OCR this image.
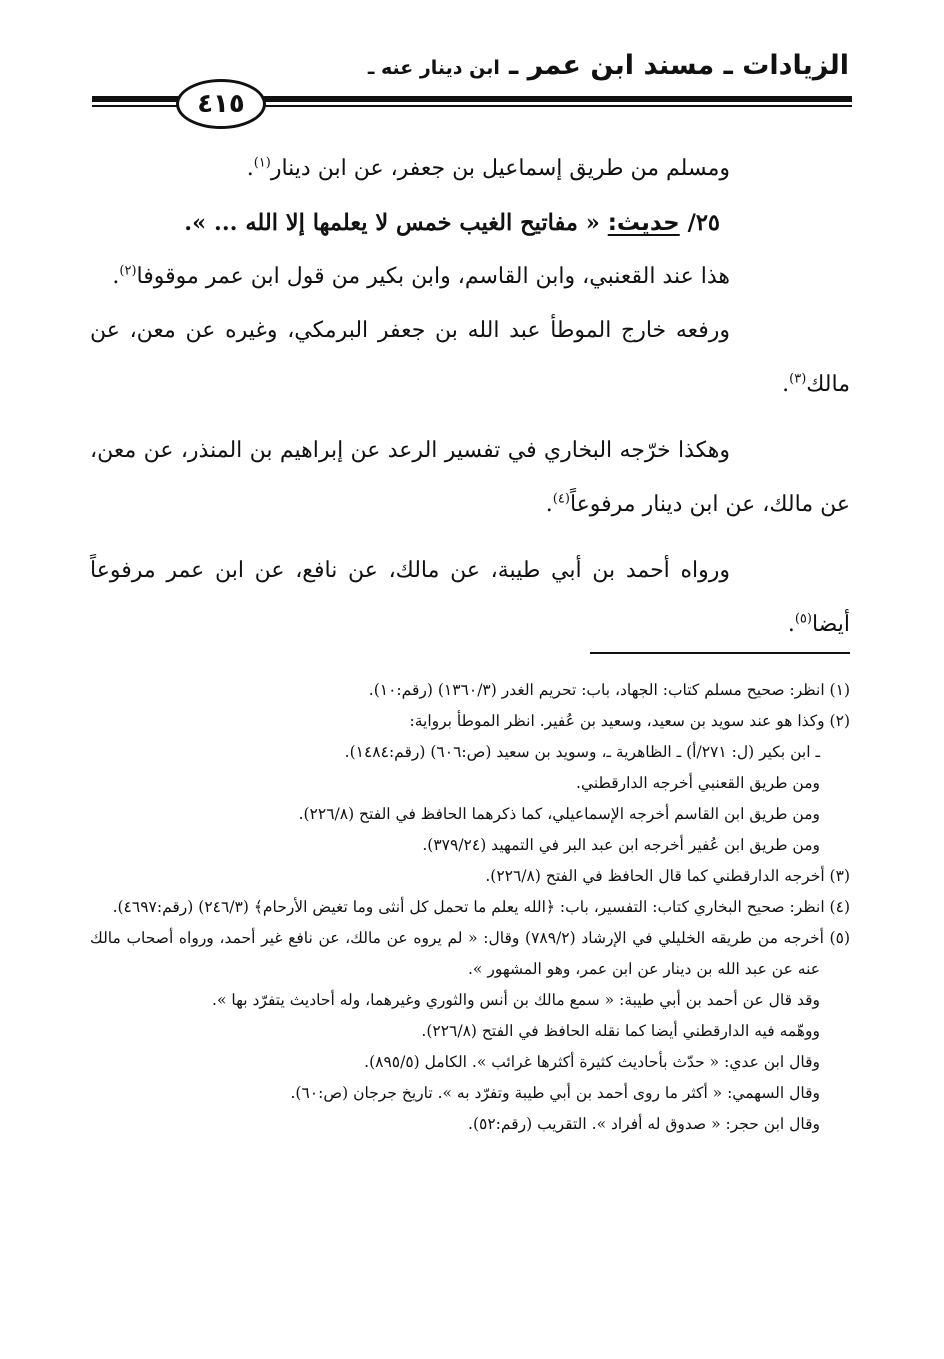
الزيادات ـ مسند ابن عمر ـ ابن دينار عنه ـ
٤١٥

ومسلم من طريق إسماعيل بن جعفر، عن ابن دينار$^{(١)}$.

٢٥/ حديث: « مفاتيح الغيب خمس لا يعلمها إلا الله ... ».

هذا عند القعنبي، وابن القاسم، وابن بكير من قول ابن عمر موقوفا$^{(٢)}$.

ورفعه خارج الموطأ عبد الله بن جعفر البرمكي، وغيره عن معن، عن مالك$^{(٣)}$.

وهكذا خرّجه البخاري في تفسير الرعد عن إبراهيم بن المنذر، عن معن، عن مالك، عن ابن دينار مرفوعاً$^{(٤)}$.

ورواه أحمد بن أبي طيبة، عن مالك، عن نافع، عن ابن عمر مرفوعاً أيضا$^{(٥)}$.

(١) انظر: صحيح مسلم كتاب: الجهاد، باب: تحريم الغدر (١٣٦٠/٣) (رقم:١٠).

(٢) وكذا هو عند سويد بن سعيد، وسعيد بن عُفير. انظر الموطأ برواية:

ـ ابن بكير (ل: ٢٧١/أ) ـ الظاهرية ـ، وسويد بن سعيد (ص:٦٠٦) (رقم:١٤٨٤).

ومن طريق القعنبي أخرجه الدارقطني.

ومن طريق ابن القاسم أخرجه الإسماعيلي، كما ذكرهما الحافظ في الفتح (٢٢٦/٨).

ومن طريق ابن عُفير أخرجه ابن عبد البر في التمهيد (٣٧٩/٢٤).

(٣) أخرجه الدارقطني كما قال الحافظ في الفتح (٢٢٦/٨).

(٤) انظر: صحيح البخاري كتاب: التفسير، باب: ﴿الله يعلم ما تحمل كل أنثى وما تغيض الأرحام﴾ (٢٤٦/٣) (رقم:٤٦٩٧).

(٥) أخرجه من طريقه الخليلي في الإرشاد (٧٨٩/٢) وقال: « لم يروه عن مالك، عن نافع غير أحمد، ورواه أصحاب مالك عنه عن عبد الله بن دينار عن ابن عمر، وهو المشهور ».

وقد قال عن أحمد بن أبي طيبة: « سمع مالك بن أنس والثوري وغيرهما، وله أحاديث يتفرّد بها ».

ووهّمه فيه الدارقطني أيضا كما نقله الحافظ في الفتح (٢٢٦/٨).

وقال ابن عدي: « حدّث بأحاديث كثيرة أكثرها غرائب ». الكامل (٨٩٥/٥).

وقال السهمي: « أكثر ما روى أحمد بن أبي طيبة وتفرّد به ». تاريخ جرجان (ص:٦٠).

وقال ابن حجر: « صدوق له أفراد ». التقريب (رقم:٥٢).
